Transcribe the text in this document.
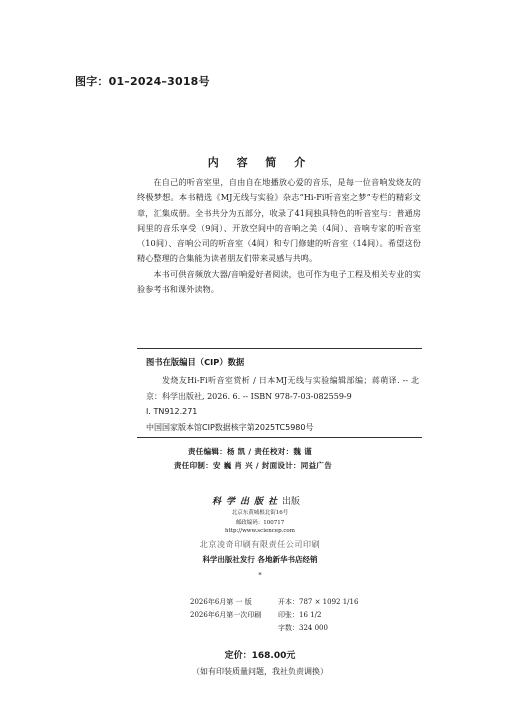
图字：01–2024–3018号
内 容 简 介

在自己的听音室里，自由自在地播放心爱的音乐，是每一位音响发烧友的终极梦想。本书精选《MJ无线与实验》杂志“Hi-Fi听音室之梦”专栏的精彩文章，汇集成册。全书共分为五部分，收录了41间独具特色的听音室与：普通房间里的音乐享受（9间）、开放空间中的音响之美（4间）、音响专家的听音室（10间）、音响公司的听音室（4间）和专门修建的听音室（14间）。希望这份精心整理的合集能为读者朋友们带来灵感与共鸣。

本书可供音频放大器/音响爱好者阅读，也可作为电子工程及相关专业的实验参考书和课外读物。

图书在版编目（CIP）数据
发烧友Hi-Fi听音室赏析 / 日本MJ无线与实验编辑部编；蒋萌译. -- 北京：科学出版社, 2026. 6. -- ISBN 978-7-03-082559-9
Ⅰ. TN912.271
中国国家版本馆CIP数据核字第2025TC5980号
责任编辑：杨 凯 / 责任校对：魏 谨
责任印制：安 巍 肖 兴 / 封面设计：同益广告
科学出版社出版
北京东黄城根北街16号
邮政编码：100717
http://www.sciencep.com
北京凌奇印刷有限责任公司印刷
科学出版社发行 各地新华书店经销
*
2026年6月第 一 版	开本：787 × 1092 1/16
2026年6月第一次印刷 印张：16 1/2
字数：324 000
定价：168.00元
（如有印装质量问题，我社负责调换）
